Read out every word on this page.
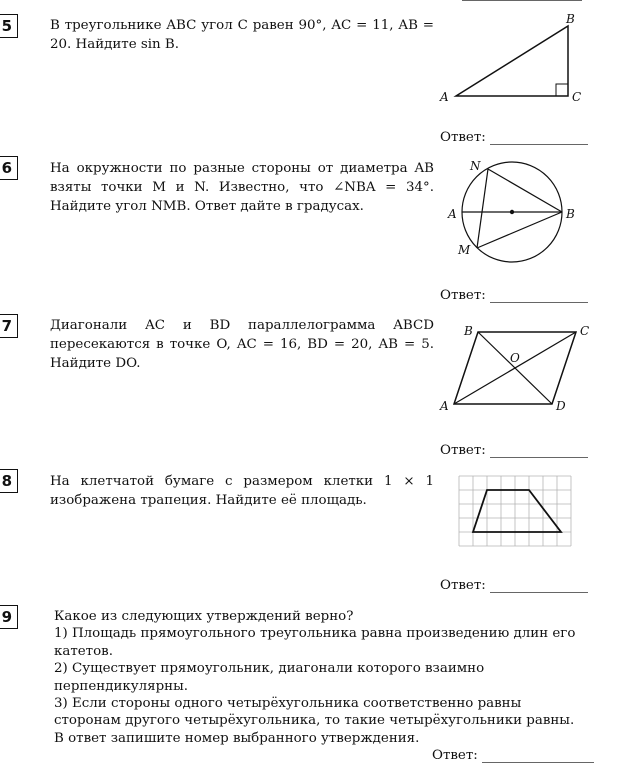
5	В треугольнике ABC угол C равен 90°, AC = 11, AB = 20. Найдите sin B.

A
B
C
Ответ:
6	На окружности по разные стороны от диаметра AB взяты точки M и N. Известно, что ∠NBA = 34°. Найдите угол NMB. Ответ дайте в градусах.

N
A	B
M
Ответ:
7	Диагонали AC и BD параллелограмма ABCD пересекаются в точке O, AC = 16, BD = 20, AB = 5. Найдите DO.

A
B	C
D
O
Ответ:
8	На клетчатой бумаге с размером клетки 1 × 1 изображена трапеция. Найдите её площадь.

Ответ:
9	Какое из следующих утверждений верно?

1) Площадь прямоугольного треугольника равна произведению длин его катетов.

2) Существует прямоугольник, диагонали которого взаимно перпендикулярны.

3) Если стороны одного четырёхугольника соответственно равны сторонам другого четырёхугольника, то такие четырёхугольники равны.

В ответ запишите номер выбранного утверждения.

Ответ:
